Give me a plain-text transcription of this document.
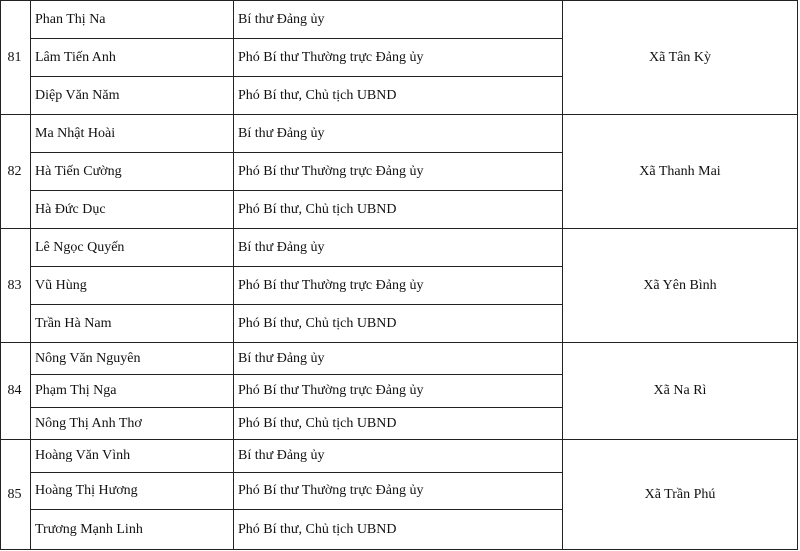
81	Phan Thị Na	Bí thư Đảng ủy	Xã Tân Kỳ
	Lâm Tiến Anh	Phó Bí thư Thường trực Đảng ủy	
	Diệp Văn Năm	Phó Bí thư, Chủ tịch UBND	
82	Ma Nhật Hoài	Bí thư Đảng ủy	Xã Thanh Mai
	Hà Tiến Cường	Phó Bí thư Thường trực Đảng ủy	
	Hà Đức Dục	Phó Bí thư, Chủ tịch UBND	
83	Lê Ngọc Quyến	Bí thư Đảng ủy	Xã Yên Bình
	Vũ Hùng	Phó Bí thư Thường trực Đảng ủy	
	Trần Hà Nam	Phó Bí thư, Chủ tịch UBND	
84	Nông Văn Nguyên	Bí thư Đảng ủy	Xã Na Rì
	Phạm Thị Nga	Phó Bí thư Thường trực Đảng ủy	
	Nông Thị Anh Thơ	Phó Bí thư, Chủ tịch UBND	
85	Hoàng Văn Vình	Bí thư Đảng ủy	Xã Trần Phú
	Hoàng Thị Hương	Phó Bí thư Thường trực Đảng ủy	
	Trương Mạnh Linh	Phó Bí thư, Chủ tịch UBND	
